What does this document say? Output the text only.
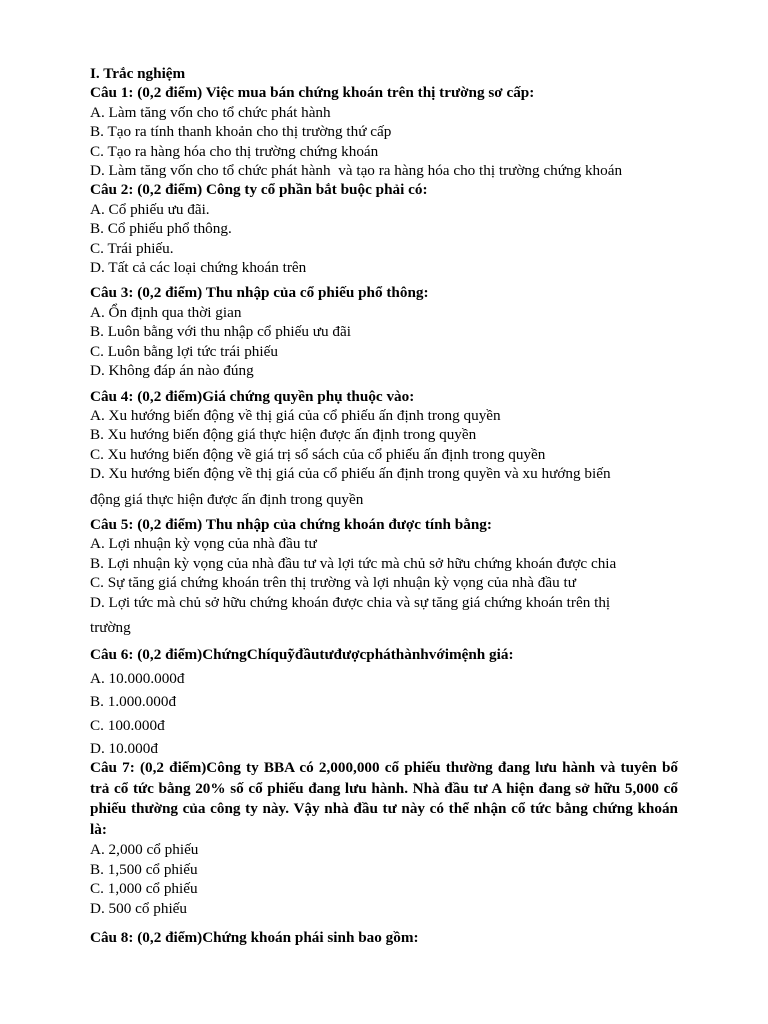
I. Trắc nghiệm
Câu 1: (0,2 điểm) Việc mua bán chứng khoán trên thị trường sơ cấp:
A. Làm tăng vốn cho tổ chức phát hành
B. Tạo ra tính thanh khoản cho thị trường thứ cấp
C. Tạo ra hàng hóa cho thị trường chứng khoán
D. Làm tăng vốn cho tổ chức phát hành  và tạo ra hàng hóa cho thị trường chứng khoán
Câu 2: (0,2 điểm) Công ty cổ phần bắt buộc phải có:
A. Cổ phiếu ưu đãi.
B. Cổ phiếu phổ thông.
C. Trái phiếu.
D. Tất cả các loại chứng khoán trên
Câu 3: (0,2 điểm) Thu nhập của cổ phiếu phổ thông:
A. Ổn định qua thời gian
B. Luôn bằng với thu nhập cổ phiếu ưu đãi
C. Luôn bằng lợi tức trái phiếu
D. Không đáp án nào đúng
Câu 4: (0,2 điểm)Giá chứng quyền phụ thuộc vào:
A. Xu hướng biến động về thị giá của cổ phiếu ấn định trong quyền
B. Xu hướng biến động giá thực hiện được ấn định trong quyền
C. Xu hướng biến động về giá trị sổ sách của cổ phiếu ấn định trong quyền
D. Xu hướng biến động về thị giá của cổ phiếu ấn định trong quyền và xu hướng biến
động giá thực hiện được ấn định trong quyền
Câu 5: (0,2 điểm) Thu nhập của chứng khoán được tính bằng:
A. Lợi nhuận kỳ vọng của nhà đầu tư
B. Lợi nhuận kỳ vọng của nhà đầu tư và lợi tức mà chủ sở hữu chứng khoán được chia
C. Sự tăng giá chứng khoán trên thị trường và lợi nhuận kỳ vọng của nhà đầu tư
D. Lợi tức mà chủ sở hữu chứng khoán được chia và sự tăng giá chứng khoán trên thị
trường
Câu 6: (0,2 điểm)ChứngChíquỹđầutưđượcpháthànhvớimệnh giá:
A. 10.000.000đ
B. 1.000.000đ
C. 100.000đ
D. 10.000đ
Câu 7: (0,2 điểm)Công ty BBA có 2,000,000 cổ phiếu thường đang lưu hành và tuyên bố trả cổ tức bằng 20% số cổ phiếu đang lưu hành. Nhà đầu tư A hiện đang sở hữu 5,000 cổ phiếu thường của công ty này. Vậy nhà đầu tư này có thể nhận cổ tức bằng chứng khoán là:
A. 2,000 cổ phiếu
B. 1,500 cổ phiếu
C. 1,000 cổ phiếu
D. 500 cổ phiếu
Câu 8: (0,2 điểm)Chứng khoán phái sinh bao gồm:
